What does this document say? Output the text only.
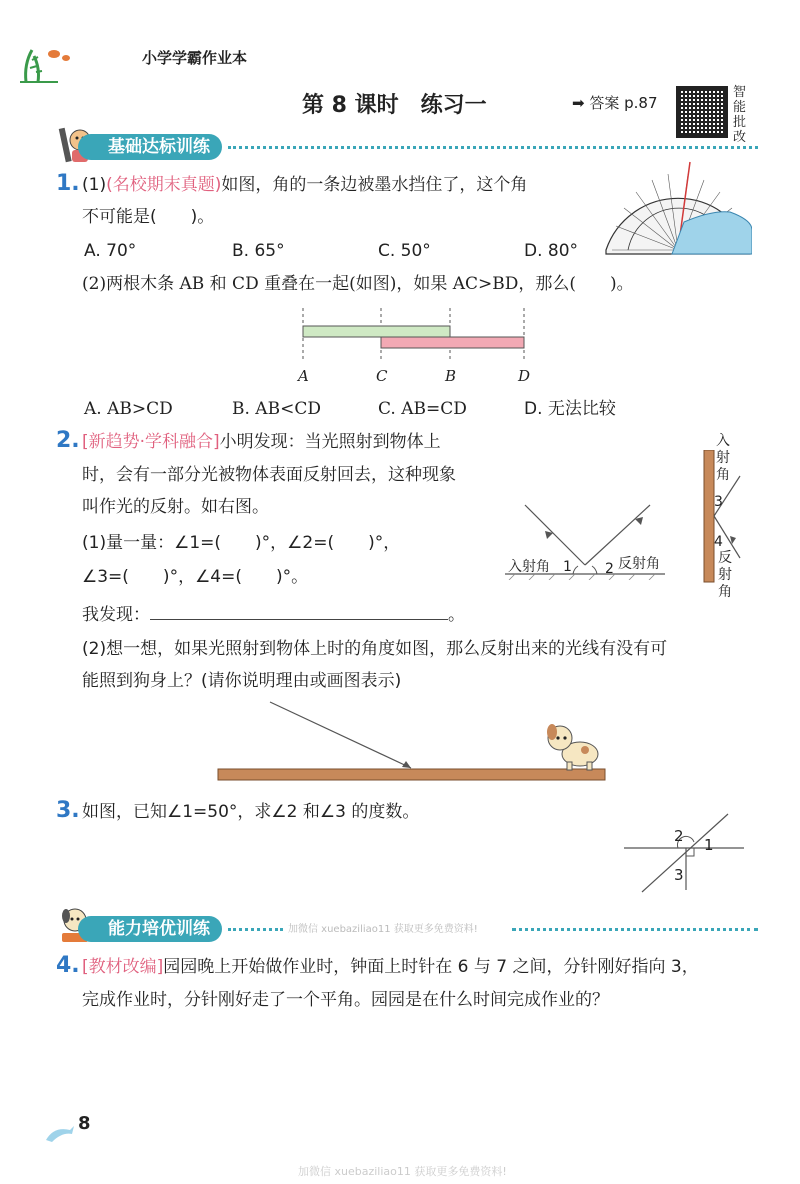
小学学霸作业本
第 8 课时　练习一	➡ 答案 p.87
智
能
批
改
基础达标训练
1. (1)(名校期末真题)如图，角的一条边被墨水挡住了，这个角
不可能是(　　)。
A. 70°	B. 65°	C. 50°	D. 80°
(2)两根木条 AB 和 CD 重叠在一起(如图)，如果 AC>BD，那么(　　)。
A	C	B	D
A. AB>CD	B. AB<CD	C. AB=CD	D. 无法比较
2. [新趋势·学科融合]小明发现：当光照射到物体上
时，会有一部分光被物体表面反射回去，这种现象
叫作光的反射。如右图。
(1)量一量：∠1=(　　)°，∠2=(　　)°，
∠3=(　　)°，∠4=(　　)°。
我发现：	。
(2)想一想，如果光照射到物体上时的角度如图，那么反射出来的光线有没有可
能照到狗身上？(请你说明理由或画图表示)
入射角 1 2 反射角
入
射
角
3
4
反
射
角
3. 如图，已知∠1=50°，求∠2 和∠3 的度数。
1
2
3
能力培优训练	加微信 xuebaziliao11 获取更多免费资料!
4. [教材改编]园园晚上开始做作业时，钟面上时针在 6 与 7 之间，分针刚好指向 3，
完成作业时，分针刚好走了一个平角。园园是在什么时间完成作业的？
8
加微信 xuebaziliao11 获取更多免费资料!
